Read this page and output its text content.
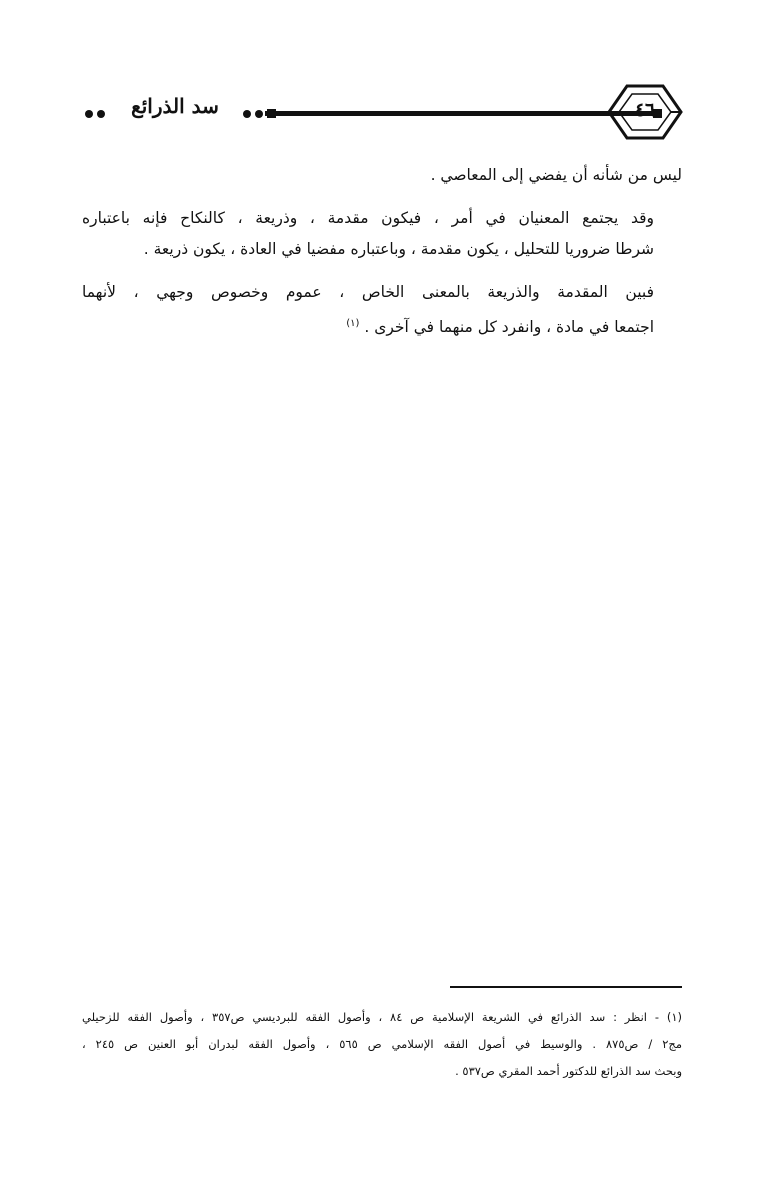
سد الذرائع	٤٦

ليس من شأنه أن يفضي إلى المعاصي .

وقد يجتمع المعنيان في أمر ، فيكون مقدمة ، وذريعة ، كالنكاح فإنه باعتباره
شرطا ضروريا للتحليل ، يكون مقدمة ، وباعتباره مفضيا في العادة ، يكون ذريعة .

فبين المقدمة والذريعة بالمعنى الخاص ، عموم وخصوص وجهي ، لأنهما
اجتمعا في مادة ، وانفرد كل منهما في آخرى . $^{(١)}$

(١) - انظر : سد الذرائع في الشريعة الإسلامية ص ٨٤ ، وأصول الفقه للبرديسي ص٣٥٧ ، وأصول الفقه للزحيلي
مج٢ / ص٨٧٥ . والوسيط في أصول الفقه الإسلامي ص ٥٦٥ ، وأصول الفقه لبدران أبو العنين ص ٢٤٥ ،
وبحث سد الذرائع للدكتور أحمد المقري ص٥٣٧ .
